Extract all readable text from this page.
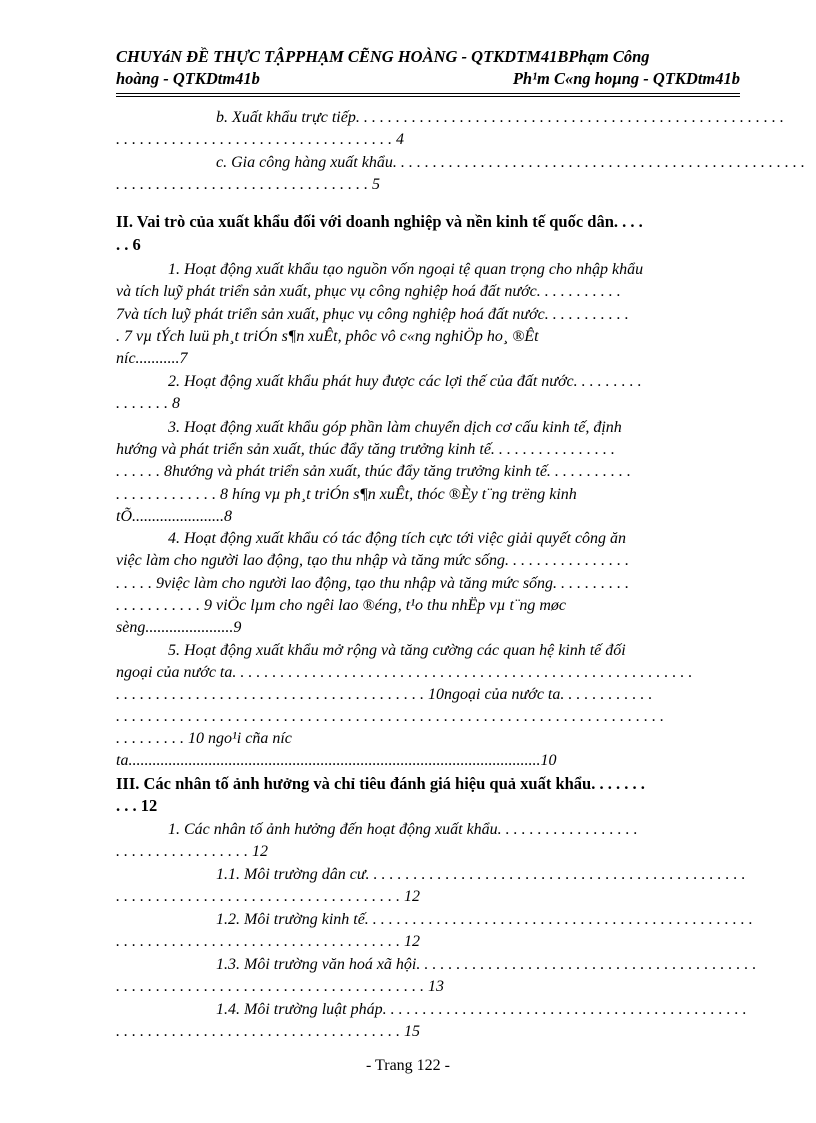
CHUYáN ĐỀ THỰC TẬPPHẠM CẼNG HOÀNG - QTKDTM41BPhạm Công
hoàng - QTKDtm41b	Ph¹m C«ng hoµng - QTKDtm41b
b. Xuất khẩu trực tiếp. . . . . . . . . . . . . . . . . . . . . . . . . . . . . . . . . . . . . . . . . . . . . . . . . . . . . .
. . . . . . . . . . . . . . . . . . . . . . . . . . . . . . . . . . . 4
c. Gia công hàng xuất khẩu. . . . . . . . . . . . . . . . . . . . . . . . . . . . . . . . . . . . . . . . . . . . . . . . . . . .
. . . . . . . . . . . . . . . . . . . . . . . . . . . . . . . . 5
II. Vai trò của xuất khẩu đối với doanh nghiệp và nền kinh tế quốc dân. . . .
. . 6
1. Hoạt động xuất khẩu tạo nguồn vốn ngoại tệ quan trọng cho nhập khẩu
và tích luỹ phát triển sản xuất, phục vụ công nghiệp hoá đất nước. . . . . . . . . . .
7và tích luỹ phát triển sản xuất, phục vụ công nghiệp hoá đất nước. . . . . . . . . . .
. 7 vµ tÝch luü ph¸t triÓn s¶n xuÊt, phôc vô c«ng nghiÖp ho¸ ®Êt
níc...........7
2. Hoạt động xuất khẩu phát huy được các lợi thế của đất nước. . . . . . . . .
. . . . . . . 8
3. Hoạt động xuất khẩu góp phần làm chuyển dịch cơ cấu kinh tế, định
hướng và phát triển sản xuất, thúc đẩy tăng trưởng kinh tế. . . . . . . . . . . . . . . .
. . . . . . 8hướng và phát triển sản xuất, thúc đẩy tăng trưởng kinh tế. . . . . . . . . . .
. . . . . . . . . . . . . 8 híng vµ ph¸t triÓn s¶n xuÊt, thóc ®Èy t¨ng trëng kinh
tÕ.......................8
4. Hoạt động xuất khẩu có tác động tích cực tới việc giải quyết công ăn
việc làm cho người lao động, tạo thu nhập và tăng mức sống. . . . . . . . . . . . . . . .
. . . . . 9việc làm cho người lao động, tạo thu nhập và tăng mức sống. . . . . . . . . .
. . . . . . . . . . . 9 viÖc lµm cho ngêi lao ®éng, t¹o thu nhËp vµ t¨ng møc
sèng......................9
5. Hoạt động xuất khẩu mở rộng và tăng cường các quan hệ kinh tế đối
ngoại của nước ta. . . . . . . . . . . . . . . . . . . . . . . . . . . . . . . . . . . . . . . . . . . . . . . . . . . . . . . . . .
. . . . . . . . . . . . . . . . . . . . . . . . . . . . . . . . . . . . . . . 10ngoại của nước ta. . . . . . . . . . . .
. . . . . . . . . . . . . . . . . . . . . . . . . . . . . . . . . . . . . . . . . . . . . . . . . . . . . . . . . . . . . . . . . . . . .
. . . . . . . . . 10 ngo¹i cña níc
ta.......................................................................................................10
III. Các nhân tố ảnh hưởng và chỉ tiêu đánh giá hiệu quả xuất khẩu. . . . . . .
. . . 12
1. Các nhân tố ảnh hưởng đến hoạt động xuất khẩu. . . . . . . . . . . . . . . . . .
. . . . . . . . . . . . . . . . . 12
1.1. Môi trường dân cư. . . . . . . . . . . . . . . . . . . . . . . . . . . . . . . . . . . . . . . . . . . . . . . .
. . . . . . . . . . . . . . . . . . . . . . . . . . . . . . . . . . . . 12
1.2. Môi trường kinh tế. . . . . . . . . . . . . . . . . . . . . . . . . . . . . . . . . . . . . . . . . . . . . . . . .
. . . . . . . . . . . . . . . . . . . . . . . . . . . . . . . . . . . . 12
1.3. Môi trường văn hoá xã hội. . . . . . . . . . . . . . . . . . . . . . . . . . . . . . . . . . . . . . . . . . .
. . . . . . . . . . . . . . . . . . . . . . . . . . . . . . . . . . . . . . . 13
1.4. Môi trường luật pháp. . . . . . . . . . . . . . . . . . . . . . . . . . . . . . . . . . . . . . . . . . . . . .
. . . . . . . . . . . . . . . . . . . . . . . . . . . . . . . . . . . . 15
- Trang 122 -
